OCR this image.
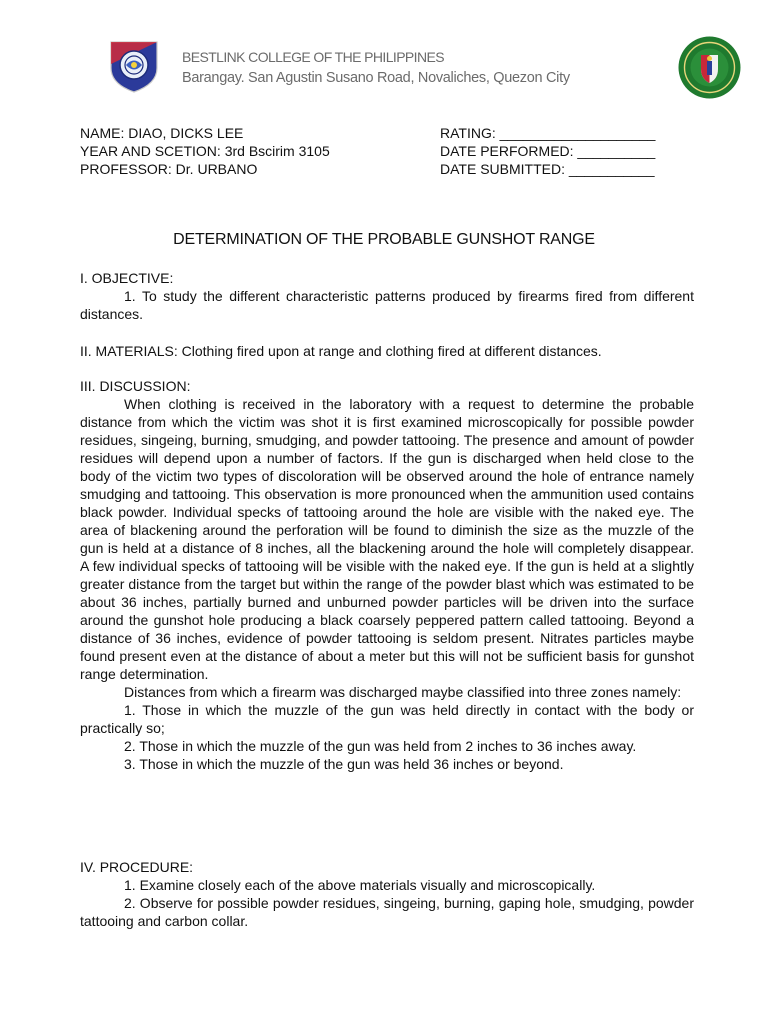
BESTLINK COLLEGE OF THE PHILIPPINES
Barangay. San Agustin Susano Road, Novaliches, Quezon City
NAME: DIAO, DICKS LEE
YEAR AND SCETION: 3rd Bscirim 3105
PROFESSOR: Dr. URBANO
RATING: ____________________
DATE PERFORMED: __________
DATE SUBMITTED: ___________
DETERMINATION OF THE PROBABLE GUNSHOT RANGE

I. OBJECTIVE:

1. To study the different characteristic patterns produced by firearms fired from different distances.

II. MATERIALS: Clothing fired upon at range and clothing fired at different distances.

III. DISCUSSION:

When clothing is received in the laboratory with a request to determine the probable distance from which the victim was shot it is first examined microscopically for possible powder residues, singeing, burning, smudging, and powder tattooing. The presence and amount of powder residues will depend upon a number of factors. If the gun is discharged when held close to the body of the victim two types of discoloration will be observed around the hole of entrance namely smudging and tattooing. This observation is more pronounced when the ammunition used contains black powder. Individual specks of tattooing around the hole are visible with the naked eye. The area of blackening around the perforation will be found to diminish the size as the muzzle of the gun is held at a distance of 8 inches, all the blackening around the hole will completely disappear. A few individual specks of tattooing will be visible with the naked eye. If the gun is held at a slightly greater distance from the target but within the range of the powder blast which was estimated to be about 36 inches, partially burned and unburned powder particles will be driven into the surface around the gunshot hole producing a black coarsely peppered pattern called tattooing. Beyond a distance of 36 inches, evidence of powder tattooing is seldom present. Nitrates particles maybe found present even at the distance of about a meter but this will not be sufficient basis for gunshot range determination.

Distances from which a firearm was discharged maybe classified into three zones namely:

1. Those in which the muzzle of the gun was held directly in contact with the body or practically so;

2. Those in which the muzzle of the gun was held from 2 inches to 36 inches away.

3. Those in which the muzzle of the gun was held 36 inches or beyond.

IV. PROCEDURE:

1. Examine closely each of the above materials visually and microscopically.

2. Observe for possible powder residues, singeing, burning, gaping hole, smudging, powder tattooing and carbon collar.
